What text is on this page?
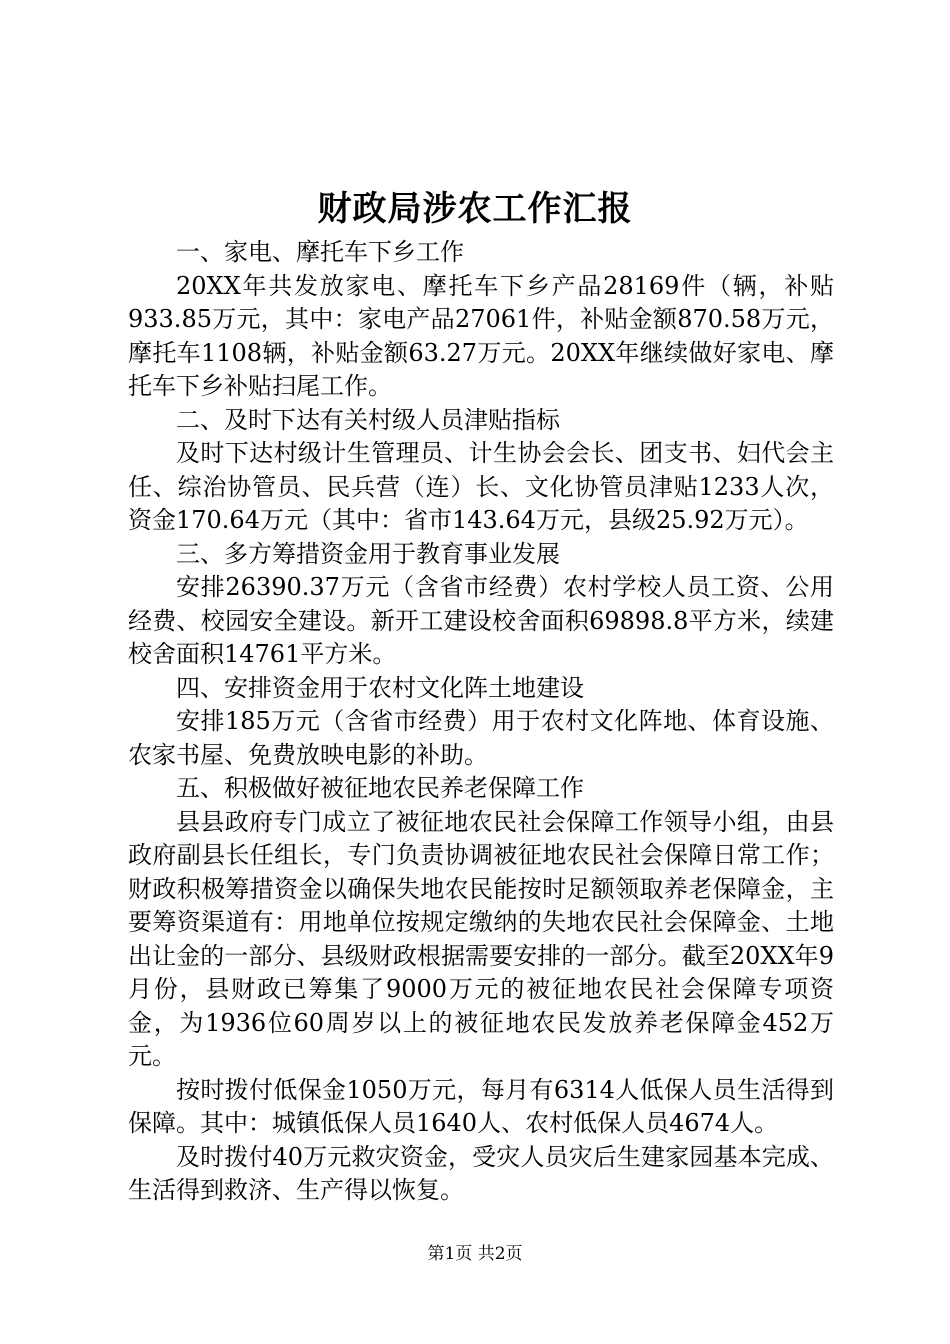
财政局涉农工作汇报

一、家电、摩托车下乡工作

20XX年共发放家电、摩托车下乡产品28169件（辆，补贴933.85万元，其中：家电产品27061件，补贴金额870.58万元，摩托车1108辆，补贴金额63.27万元。20XX年继续做好家电、摩托车下乡补贴扫尾工作。

二、及时下达有关村级人员津贴指标

及时下达村级计生管理员、计生协会会长、团支书、妇代会主任、综治协管员、民兵营（连）长、文化协管员津贴1233人次，资金170.64万元（其中：省市143.64万元，县级25.92万元）。

三、多方筹措资金用于教育事业发展

安排26390.37万元（含省市经费）农村学校人员工资、公用经费、校园安全建设。新开工建设校舍面积69898.8平方米，续建校舍面积14761平方米。

四、安排资金用于农村文化阵土地建设

安排185万元（含省市经费）用于农村文化阵地、体育设施、农家书屋、免费放映电影的补助。

五、积极做好被征地农民养老保障工作

县县政府专门成立了被征地农民社会保障工作领导小组，由县政府副县长任组长，专门负责协调被征地农民社会保障日常工作；财政积极筹措资金以确保失地农民能按时足额领取养老保障金，主要筹资渠道有：用地单位按规定缴纳的失地农民社会保障金、土地出让金的一部分、县级财政根据需要安排的一部分。截至20XX年9月份，县财政已筹集了9000万元的被征地农民社会保障专项资金，为1936位60周岁以上的被征地农民发放养老保障金452万元。

按时拨付低保金1050万元，每月有6314人低保人员生活得到保障。其中：城镇低保人员1640人、农村低保人员4674人。

及时拨付40万元救灾资金，受灾人员灾后生建家园基本完成、生活得到救济、生产得以恢复。

第1页 共2页
